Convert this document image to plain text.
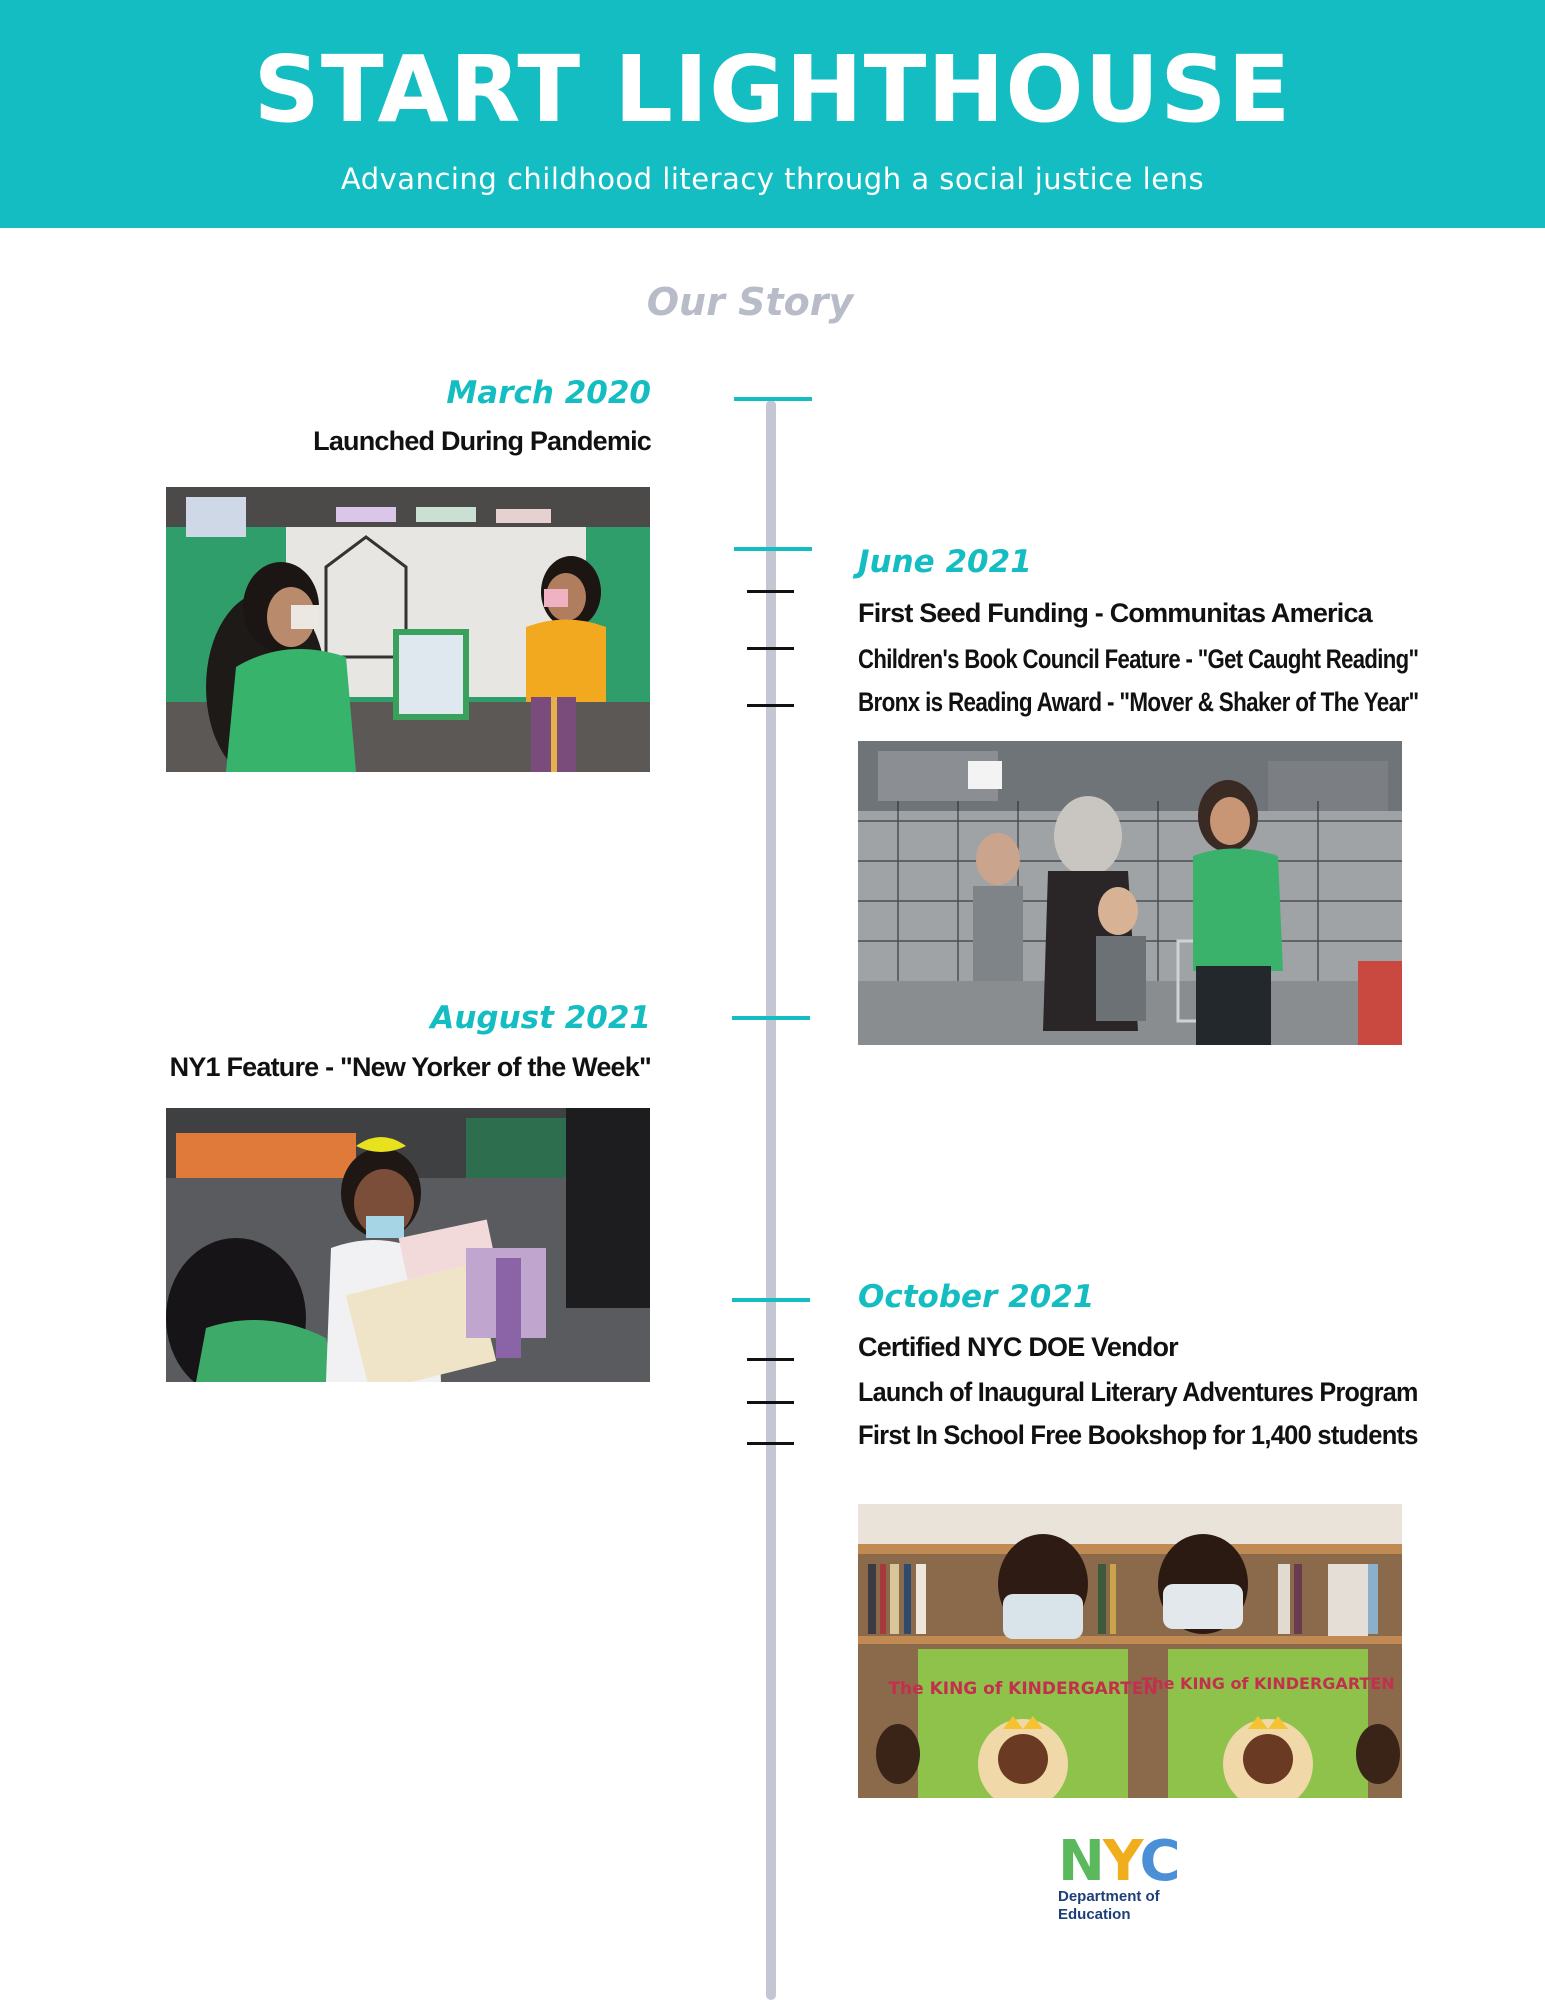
START LIGHTHOUSE
Advancing childhood literacy through a social justice lens
Our Story
March 2020
Launched During Pandemic
June 2021
First Seed Funding - Communitas America
Children's Book Council Feature - "Get Caught Reading"
Bronx is Reading Award - "Mover & Shaker of The Year"
August 2021
NY1 Feature - "New Yorker of the Week"
October 2021
Certified NYC DOE Vendor
Launch of Inaugural Literary Adventures Program
First In School Free Bookshop for 1,400 students
The KING of KINDERGARTEN
The KING of KINDERGARTEN
NYC
Department of Education
